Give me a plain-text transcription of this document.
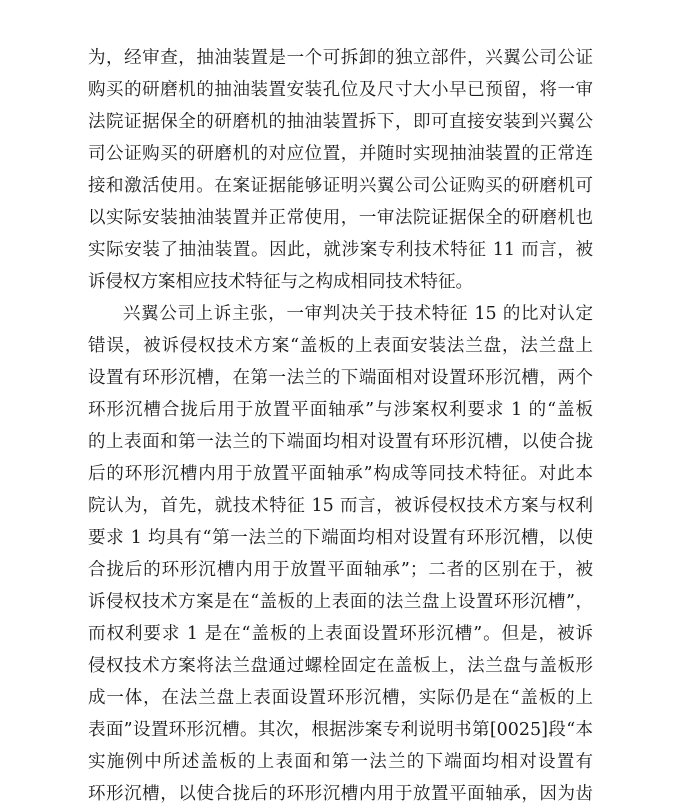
为，经审查，抽油装置是一个可拆卸的独立部件，兴翼公司公证
购买的研磨机的抽油装置安装孔位及尺寸大小早已预留，将一审
法院证据保全的研磨机的抽油装置拆下，即可直接安装到兴翼公
司公证购买的研磨机的对应位置，并随时实现抽油装置的正常连
接和激活使用。在案证据能够证明兴翼公司公证购买的研磨机可
以实际安装抽油装置并正常使用，一审法院证据保全的研磨机也
实际安装了抽油装置。因此，就涉案专利技术特征 11 而言，被
诉侵权方案相应技术特征与之构成相同技术特征。
兴翼公司上诉主张，一审判决关于技术特征 15 的比对认定
错误，被诉侵权技术方案“盖板的上表面安装法兰盘，法兰盘上
设置有环形沉槽，在第一法兰的下端面相对设置环形沉槽，两个
环形沉槽合拢后用于放置平面轴承”与涉案权利要求 1 的“盖板
的上表面和第一法兰的下端面均相对设置有环形沉槽，以使合拢
后的环形沉槽内用于放置平面轴承”构成等同技术特征。对此本
院认为，首先，就技术特征 15 而言，被诉侵权技术方案与权利
要求 1 均具有“第一法兰的下端面均相对设置有环形沉槽，以使
合拢后的环形沉槽内用于放置平面轴承”；二者的区别在于，被
诉侵权技术方案是在“盖板的上表面的法兰盘上设置环形沉槽”，
而权利要求 1 是在“盖板的上表面设置环形沉槽”。但是，被诉
侵权技术方案将法兰盘通过螺栓固定在盖板上，法兰盘与盖板形
成一体，在法兰盘上表面设置环形沉槽，实际仍是在“盖板的上
表面”设置环形沉槽。其次，根据涉案专利说明书第[0025]段“本
实施例中所述盖板的上表面和第一法兰的下端面均相对设置有
环形沉槽，以使合拢后的环形沉槽内用于放置平面轴承，因为齿
